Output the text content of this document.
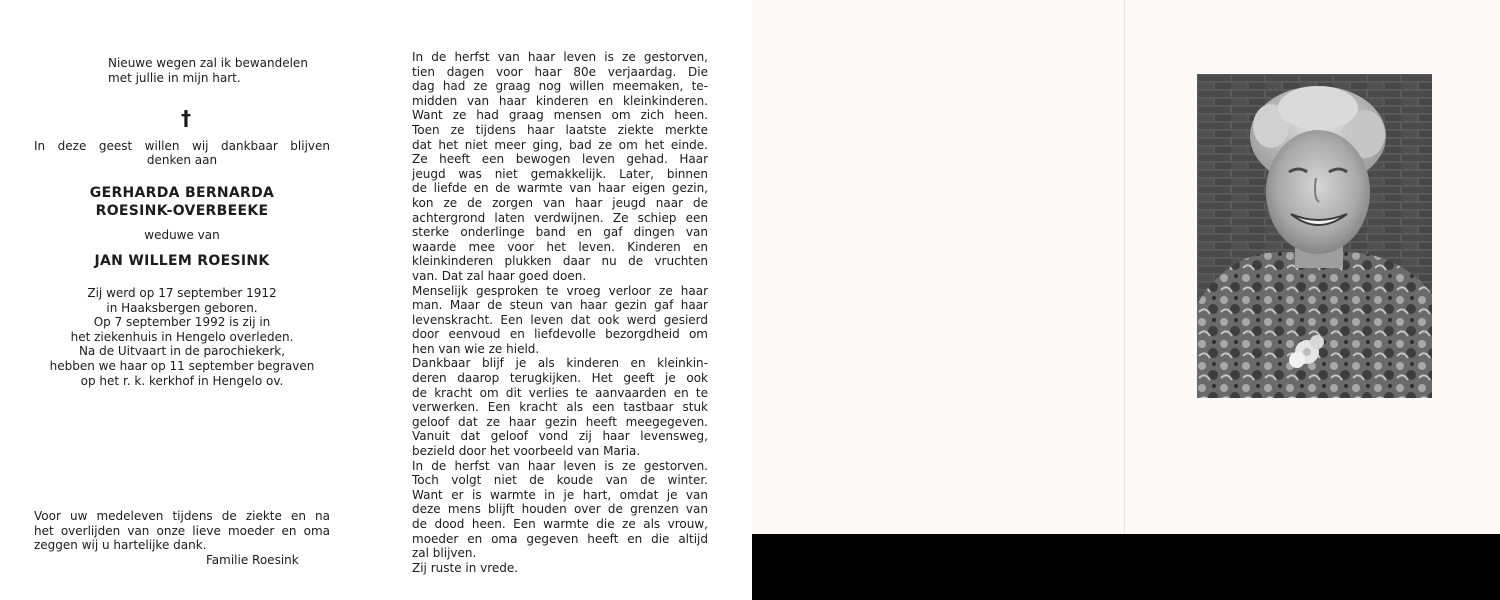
Nieuwe wegen zal ik bewandelen
met jullie in mijn hart.
†
In deze geest willen wij dankbaar blijven
denken aan
GERHARDA BERNARDA
ROESINK-OVERBEEKE
weduwe van
JAN WILLEM ROESINK
Zij werd op 17 september 1912
in Haaksbergen geboren.
Op 7 september 1992 is zij in
het ziekenhuis in Hengelo overleden.
Na de Uitvaart in de parochiekerk,
hebben we haar op 11 september begraven
op het r. k. kerkhof in Hengelo ov.
Voor uw medeleven tijdens de ziekte en na
het overlijden van onze lieve moeder en oma
zeggen wij u hartelijke dank.
Familie Roesink
In de herfst van haar leven is ze gestorven,
tien dagen voor haar 80e verjaardag. Die
dag had ze graag nog willen meemaken, te-
midden van haar kinderen en kleinkinderen.
Want ze had graag mensen om zich heen.
Toen ze tijdens haar laatste ziekte merkte
dat het niet meer ging, bad ze om het einde.
Ze heeft een bewogen leven gehad. Haar
jeugd was niet gemakkelijk. Later, binnen
de liefde en de warmte van haar eigen gezin,
kon ze de zorgen van haar jeugd naar de
achtergrond laten verdwijnen. Ze schiep een
sterke onderlinge band en gaf dingen van
waarde mee voor het leven. Kinderen en
kleinkinderen plukken daar nu de vruchten
van. Dat zal haar goed doen.
Menselijk gesproken te vroeg verloor ze haar
man. Maar de steun van haar gezin gaf haar
levenskracht. Een leven dat ook werd gesierd
door eenvoud en liefdevolle bezorgdheid om
hen van wie ze hield.
Dankbaar blijf je als kinderen en kleinkin-
deren daarop terugkijken. Het geeft je ook
de kracht om dit verlies te aanvaarden en te
verwerken. Een kracht als een tastbaar stuk
geloof dat ze haar gezin heeft meegegeven.
Vanuit dat geloof vond zij haar levensweg,
bezield door het voorbeeld van Maria.
In de herfst van haar leven is ze gestorven.
Toch volgt niet de koude van de winter.
Want er is warmte in je hart, omdat je van
deze mens blijft houden over de grenzen van
de dood heen. Een warmte die ze als vrouw,
moeder en oma gegeven heeft en die altijd
zal blijven.
Zij ruste in vrede.
